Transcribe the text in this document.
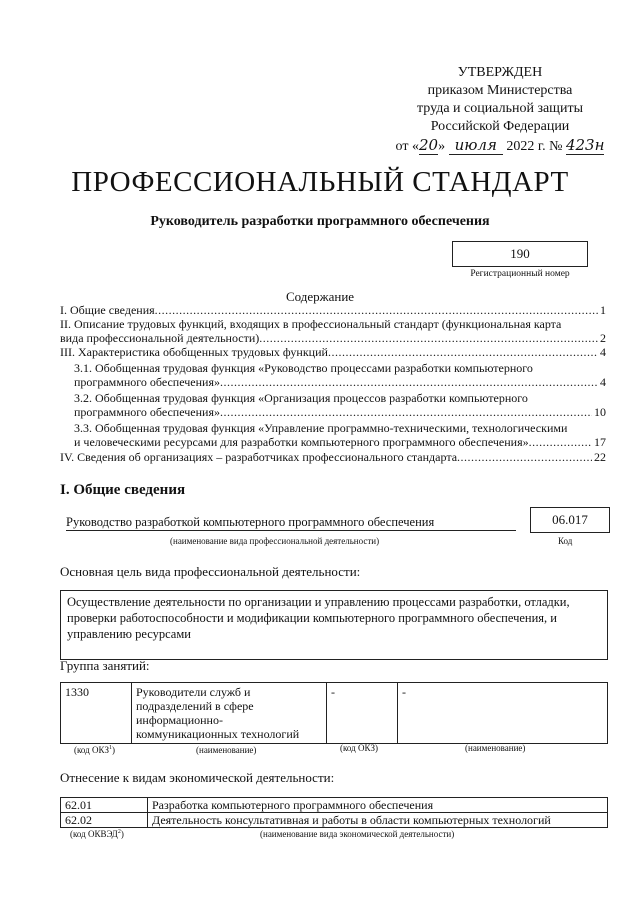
УТВЕРЖДЕН
приказом Министерства
труда и социальной защиты
Российской Федерации
от «20» июля 2022 г. № 423н
ПРОФЕССИОНАЛЬНЫЙ СТАНДАРТ
Руководитель разработки программного обеспечения
190
Регистрационный номер
Содержание
I. Общие сведения .....	1
II. Описание трудовых функций, входящих в профессиональный стандарт (функциональная карта
вида профессиональной деятельности) .....	2
III. Характеристика обобщенных трудовых функций .....	4
3.1. Обобщенная трудовая функция «Руководство процессами разработки компьютерного
программного обеспечения» .....	4
3.2. Обобщенная трудовая функция «Организация процессов разработки компьютерного
программного обеспечения» .....	10
3.3. Обобщенная трудовая функция «Управление программно-техническими, технологическими
и человеческими ресурсами для разработки компьютерного программного обеспечения» .....	17
IV. Сведения об организациях – разработчиках профессионального стандарта .....	22
I. Общие сведения
Руководство разработкой компьютерного программного обеспечения
(наименование вида профессиональной деятельности)
06.017
Код
Основная цель вида профессиональной деятельности:
Осуществление деятельности по организации и управлению процессами разработки, отладки, проверки работоспособности и модификации компьютерного программного обеспечения, и управлению ресурсами
Группа занятий:
1330	Руководители служб и подразделений в сфере информационно-коммуникационных технологий	-	-
(код ОКЗ$^1$)	(наименование)	(код ОКЗ)	(наименование)
Отнесение к видам экономической деятельности:
62.01	Разработка компьютерного программного обеспечения
62.02	Деятельность консультативная и работы в области компьютерных технологий
(код ОКВЭД$^2$)	(наименование вида экономической деятельности)
